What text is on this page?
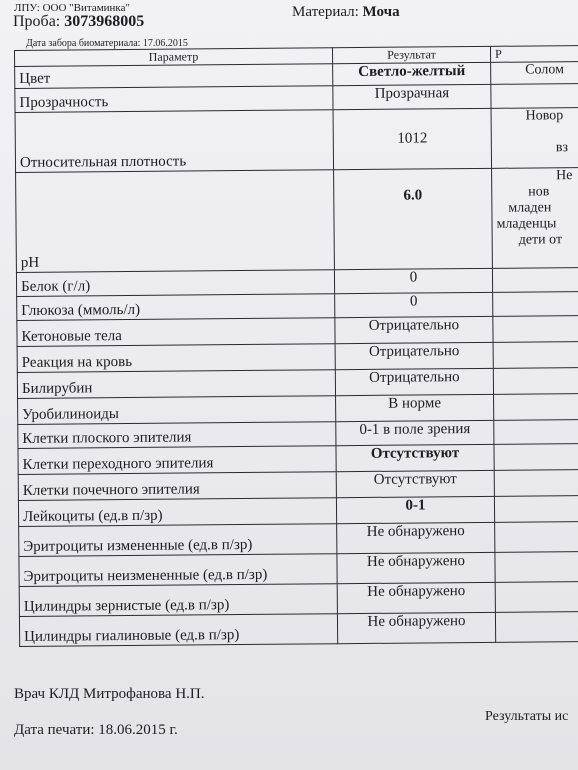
ЛПУ: ООО "Витаминка"
Проба: 3073968005
Материал: Моча
Дата забора биоматериала: 17.06.2015
Параметр	Результат	Р
Цвет	Светло-желтый	Солом

Прозрачность	Прозрачная	
Относительная плотность	1012	Новор

вз

pH	6.0	Не
нов
младен
младенцы
дети от

Белок (г/л)	0	
Глюкоза (ммоль/л)	0	
Кетоновые тела	Отрицательно	
Реакция на кровь	Отрицательно	
Билирубин	Отрицательно	
Уробилиноиды	В норме	
Клетки плоского эпителия	0-1 в поле зрения	
Клетки переходного эпителия	Отсутствуют	
Клетки почечного эпителия	Отсутствуют	
Лейкоциты (ед.в п/зр)	0-1	
Эритроциты измененные (ед.в п/зр)	Не обнаружено	
Эритроциты неизмененные (ед.в п/зр)	Не обнаружено	
Цилиндры зернистые (ед.в п/зр)	Не обнаружено	
Цилиндры гиалиновые (ед.в п/зр)	Не обнаружено	
Врач КЛД Митрофанова Н.П.
Дата печати: 18.06.2015 г.
Результаты ис
